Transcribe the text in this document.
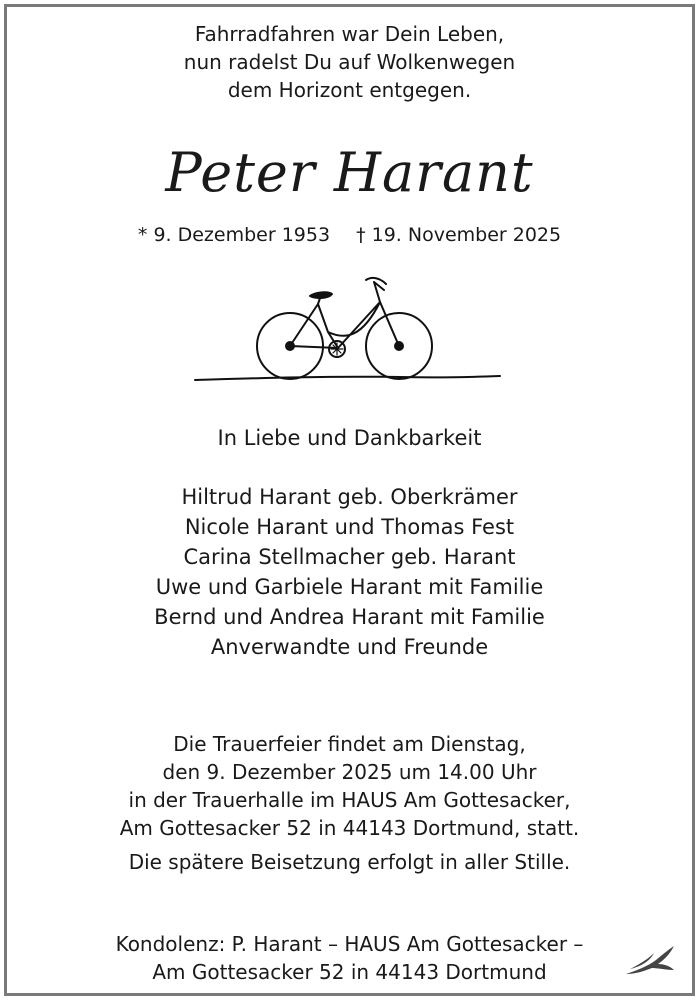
Fahrradfahren war Dein Leben,
nun radelst Du auf Wolkenwegen
dem Horizont entgegen.
Peter Harant
* 9. Dezember 1953 † 19. November 2025
In Liebe und Dankbarkeit
Hiltrud Harant geb. Oberkrämer
Nicole Harant und Thomas Fest
Carina Stellmacher geb. Harant
Uwe und Garbiele Harant mit Familie
Bernd und Andrea Harant mit Familie
Anverwandte und Freunde
Die Trauerfeier findet am Dienstag,
den 9. Dezember 2025 um 14.00 Uhr
in der Trauerhalle im HAUS Am Gottesacker,
Am Gottesacker 52 in 44143 Dortmund, statt.
Die spätere Beisetzung erfolgt in aller Stille.
Kondolenz: P. Harant – HAUS Am Gottesacker –
Am Gottesacker 52 in 44143 Dortmund
